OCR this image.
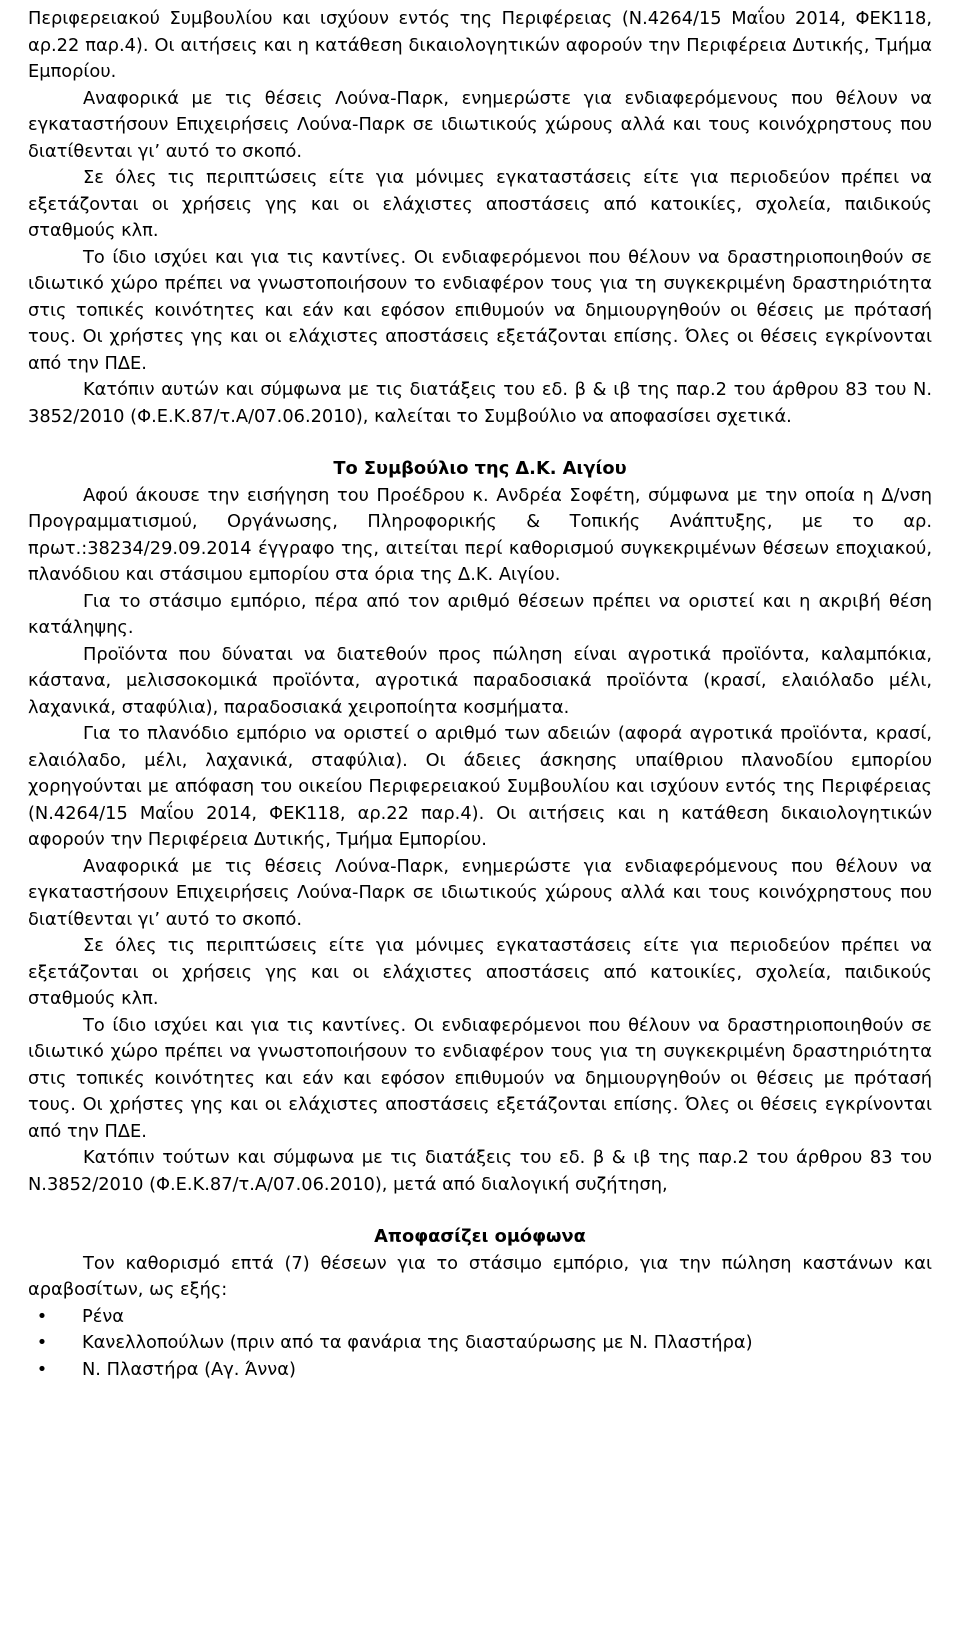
Περιφερειακού Συμβουλίου και ισχύουν εντός της Περιφέρειας (Ν.4264/15 Μαΐου 2014, ΦΕΚ118, αρ.22 παρ.4). Οι αιτήσεις και η κατάθεση δικαιολογητικών αφορούν την Περιφέρεια Δυτικής, Τμήμα Εμπορίου.

Αναφορικά με τις θέσεις Λούνα-Παρκ, ενημερώστε για ενδιαφερόμενους που θέλουν να εγκαταστήσουν Επιχειρήσεις Λούνα-Παρκ σε ιδιωτικούς χώρους αλλά και τους κοινόχρηστους που διατίθενται γι’ αυτό το σκοπό.

Σε όλες τις περιπτώσεις είτε για μόνιμες εγκαταστάσεις είτε για περιοδεύον πρέπει να εξετάζονται οι χρήσεις γης και οι ελάχιστες αποστάσεις από κατοικίες, σχολεία, παιδικούς σταθμούς κλπ.

Το ίδιο ισχύει και για τις καντίνες. Οι ενδιαφερόμενοι που θέλουν να δραστηριοποιηθούν σε ιδιωτικό χώρο πρέπει να γνωστοποιήσουν το ενδιαφέρον τους για τη συγκεκριμένη δραστηριότητα στις τοπικές κοινότητες και εάν και εφόσον επιθυμούν να δημιουργηθούν οι θέσεις με πρότασή τους. Οι χρήστες γης και οι ελάχιστες αποστάσεις εξετάζονται επίσης. Όλες οι θέσεις εγκρίνονται από την ΠΔΕ.

Κατόπιν αυτών και σύμφωνα με τις διατάξεις του εδ. β & ιβ της παρ.2 του άρθρου 83 του Ν. 3852/2010 (Φ.Ε.Κ.87/τ.Α/07.06.2010), καλείται το Συμβούλιο να αποφασίσει σχετικά.

Το Συμβούλιο της Δ.Κ. Αιγίου

Αφού άκουσε την εισήγηση του Προέδρου κ. Ανδρέα Σοφέτη, σύμφωνα με την οποία η Δ/νση Προγραμματισμού, Οργάνωσης, Πληροφορικής & Τοπικής Ανάπτυξης, με το αρ. πρωτ.:38234/29.09.2014 έγγραφο της, αιτείται περί καθορισμού συγκεκριμένων θέσεων εποχιακού, πλανόδιου και στάσιμου εμπορίου στα όρια της Δ.Κ. Αιγίου.

Για το στάσιμο εμπόριο, πέρα από τον αριθμό θέσεων πρέπει να οριστεί και η ακριβή θέση κατάληψης.

Προϊόντα που δύναται να διατεθούν προς πώληση είναι αγροτικά προϊόντα, καλαμπόκια, κάστανα, μελισσοκομικά προϊόντα, αγροτικά παραδοσιακά προϊόντα (κρασί, ελαιόλαδο μέλι, λαχανικά, σταφύλια), παραδοσιακά χειροποίητα κοσμήματα.

Για το πλανόδιο εμπόριο να οριστεί ο αριθμό των αδειών (αφορά αγροτικά προϊόντα, κρασί, ελαιόλαδο, μέλι, λαχανικά, σταφύλια). Οι άδειες άσκησης υπαίθριου πλανοδίου εμπορίου χορηγούνται με απόφαση του οικείου Περιφερειακού Συμβουλίου και ισχύουν εντός της Περιφέρειας (Ν.4264/15 Μαΐου 2014, ΦΕΚ118, αρ.22 παρ.4). Οι αιτήσεις και η κατάθεση δικαιολογητικών αφορούν την Περιφέρεια Δυτικής, Τμήμα Εμπορίου.

Αναφορικά με τις θέσεις Λούνα-Παρκ, ενημερώστε για ενδιαφερόμενους που θέλουν να εγκαταστήσουν Επιχειρήσεις Λούνα-Παρκ σε ιδιωτικούς χώρους αλλά και τους κοινόχρηστους που διατίθενται γι’ αυτό το σκοπό.

Σε όλες τις περιπτώσεις είτε για μόνιμες εγκαταστάσεις είτε για περιοδεύον πρέπει να εξετάζονται οι χρήσεις γης και οι ελάχιστες αποστάσεις από κατοικίες, σχολεία, παιδικούς σταθμούς κλπ.

Το ίδιο ισχύει και για τις καντίνες. Οι ενδιαφερόμενοι που θέλουν να δραστηριοποιηθούν σε ιδιωτικό χώρο πρέπει να γνωστοποιήσουν το ενδιαφέρον τους για τη συγκεκριμένη δραστηριότητα στις τοπικές κοινότητες και εάν και εφόσον επιθυμούν να δημιουργηθούν οι θέσεις με πρότασή τους. Οι χρήστες γης και οι ελάχιστες αποστάσεις εξετάζονται επίσης. Όλες οι θέσεις εγκρίνονται από την ΠΔΕ.

Κατόπιν τούτων και σύμφωνα με τις διατάξεις του εδ. β & ιβ της παρ.2 του άρθρου 83 του Ν.3852/2010 (Φ.Ε.Κ.87/τ.Α/07.06.2010), μετά από διαλογική συζήτηση,

Αποφασίζει ομόφωνα

Τον καθορισμό επτά (7) θέσεων για το στάσιμο εμπόριο, για την πώληση καστάνων και αραβοσίτων, ως εξής:

• Ρένα
• Κανελλοπούλων (πριν από τα φανάρια της διασταύρωσης με Ν. Πλαστήρα)
• Ν. Πλαστήρα (Αγ. Άννα)
